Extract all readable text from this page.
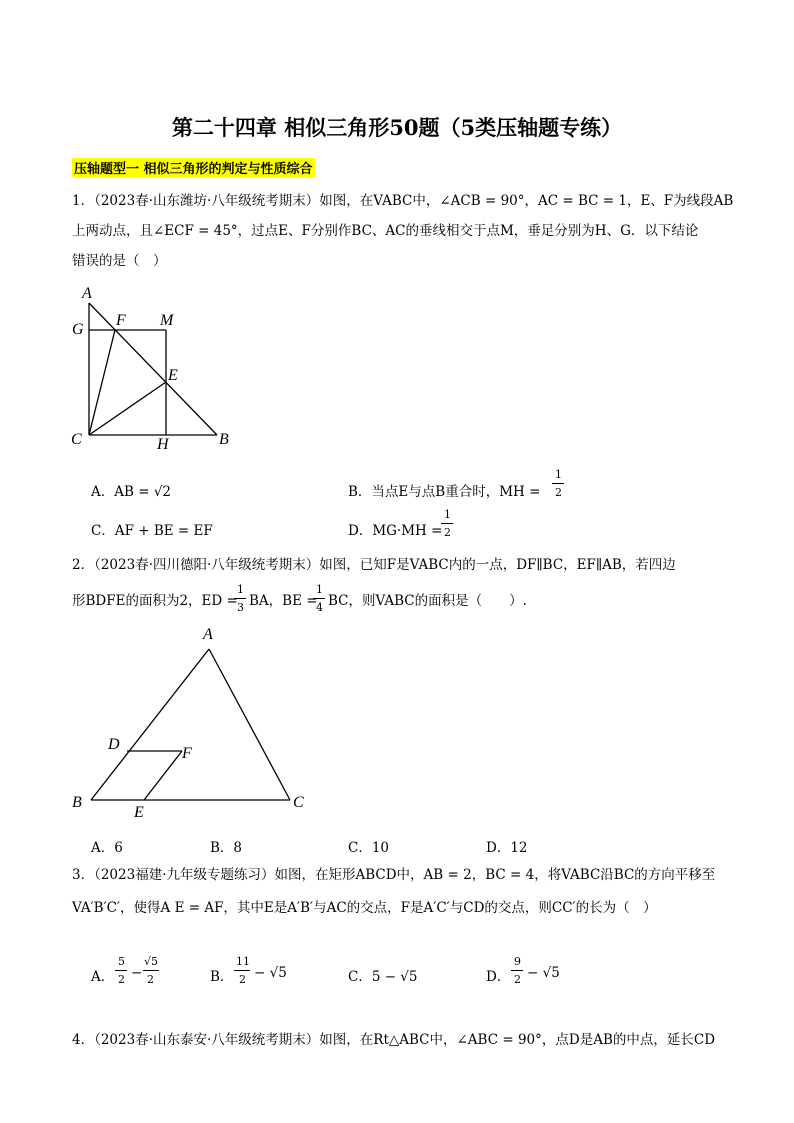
第二十四章 相似三角形50题（5类压轴题专练）
压轴题型一 相似三角形的判定与性质综合
1．（2023春·山东潍坊·八年级统考期末）如图，在VABC中，∠ACB = 90°，AC = BC = 1，E、F为线段AB
上两动点，且∠ECF = 45°，过点E、F分别作BC、AC的垂线相交于点M，垂足分别为H、G．以下结论
错误的是（　）
A
G
F M
E
C	H	B
A．AB = √2	B．当点E与点B重合时，MH =
1
2
C．AF + BE = EF	D．MG·MH =
1
2
2．（2023春·四川德阳·八年级统考期末）如图，已知F是VABC内的一点，DF∥BC，EF∥AB，若四边
形BDFE的面积为2，ED =
1
3 BA，BE =
1
4 BC，则VABC的面积是（　　）.
A
D
F
B
E
C
A．6	B．8	C．10	D．12
3．（2023福建·九年级专题练习）如图，在矩形ABCD中，AB = 2，BC = 4，将VABC沿BC的方向平移至
VA′B′C′，使得A E = AF，其中E是A′B′与AC的交点，F是A′C′与CD的交点，则CC′的长为（　）
A．
5
2 −
√5
2	B．
11
2 − √5	C．5 − √5	D．
9
2 − √5
4．（2023春·山东泰安·八年级统考期末）如图，在Rt△ABC中，∠ABC = 90°，点D是AB的中点，延长CD
